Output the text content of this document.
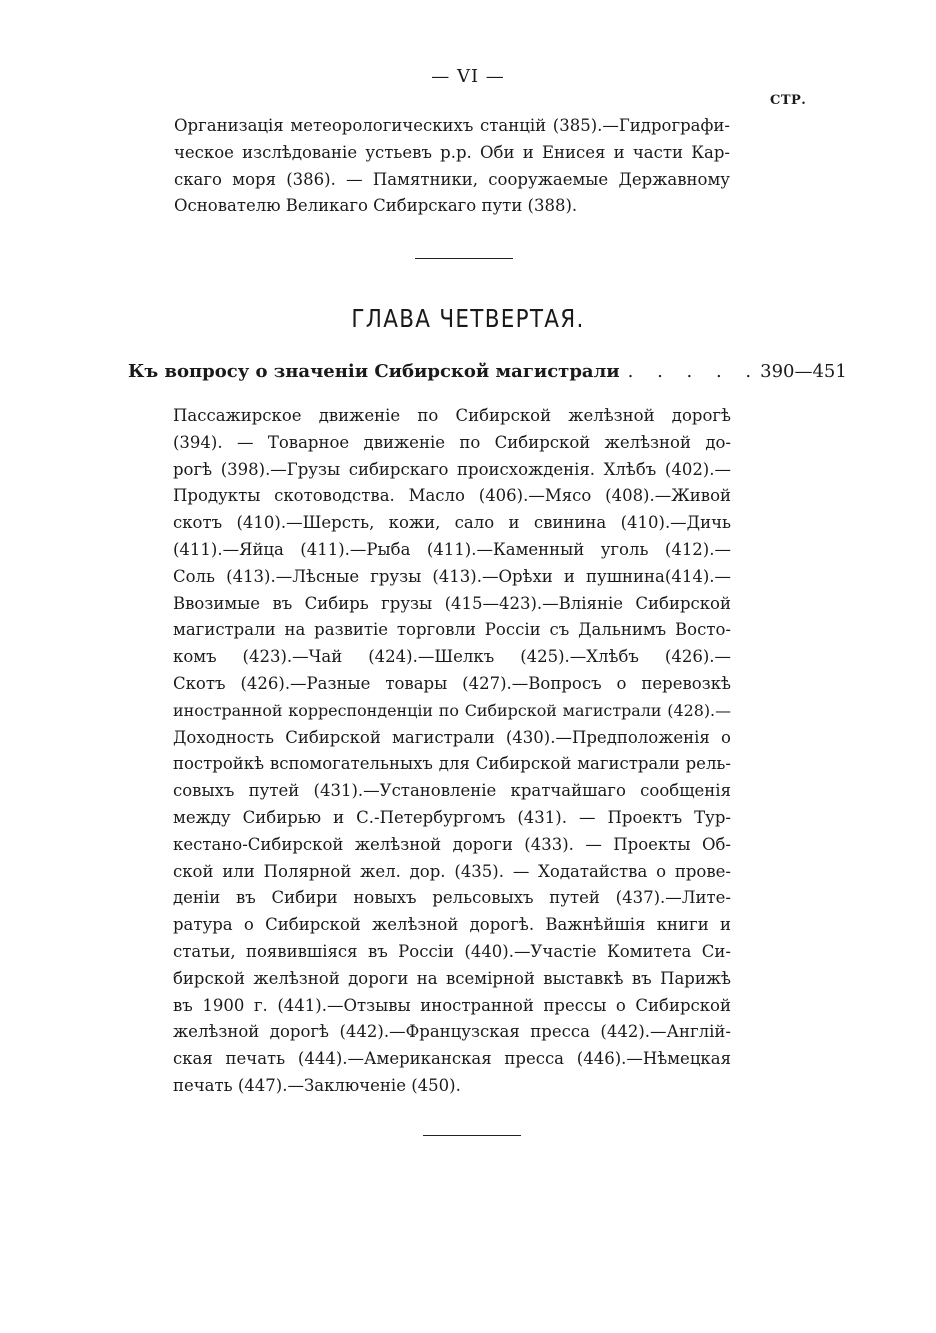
— VI —
СТР.
Организація метеорологическихъ станцій (385).—Гидрографи-
ческое изслѣдованіе устьевъ р.р. Оби и Енисея и части Кар-
скаго моря (386). — Памятники, сооружаемые Державному
Основателю Великаго Сибирскаго пути (388).
ГЛАВА ЧЕТВЕРТАЯ.
Къ вопросу о значеніи Сибирской магистрали . . . . . 390—451
Пассажирское движеніе по Сибирской желѣзной дорогѣ
(394). — Товарное движеніе по Сибирской желѣзной до-
рогѣ (398).—Грузы сибирскаго происхожденія. Хлѣбъ (402).—
Продукты скотоводства. Масло (406).—Мясо (408).—Живой
скотъ (410).—Шерсть, кожи, сало и свинина (410).—Дичь
(411).—Яйца (411).—Рыба (411).—Каменный уголь (412).—
Соль (413).—Лѣсные грузы (413).—Орѣхи и пушнина(414).—
Ввозимые въ Сибирь грузы (415—423).—Вліяніе Сибирской
магистрали на развитіе торговли Россіи съ Дальнимъ Восто-
комъ (423).—Чай (424).—Шелкъ (425).—Хлѣбъ (426).—
Скотъ (426).—Разные товары (427).—Вопросъ о перевозкѣ
иностранной корреспонденціи по Сибирской магистрали (428).—
Доходность Сибирской магистрали (430).—Предположенія о
постройкѣ вспомогательныхъ для Сибирской магистрали рель-
совыхъ путей (431).—Установленіе кратчайшаго сообщенія
между Сибирью и С.-Петербургомъ (431). — Проектъ Тур-
кестано-Сибирской желѣзной дороги (433). — Проекты Об-
ской или Полярной жел. дор. (435). — Ходатайства о прове-
деніи въ Сибири новыхъ рельсовыхъ путей (437).—Лите-
ратура о Сибирской желѣзной дорогѣ. Важнѣйшія книги и
статьи, появившіяся въ Россіи (440).—Участіе Комитета Си-
бирской желѣзной дороги на всемірной выставкѣ въ Парижѣ
въ 1900 г. (441).—Отзывы иностранной прессы о Сибирской
желѣзной дорогѣ (442).—Французская пресса (442).—Англій-
ская печать (444).—Американская пресса (446).—Нѣмецкая
печать (447).—Заключеніе (450).
